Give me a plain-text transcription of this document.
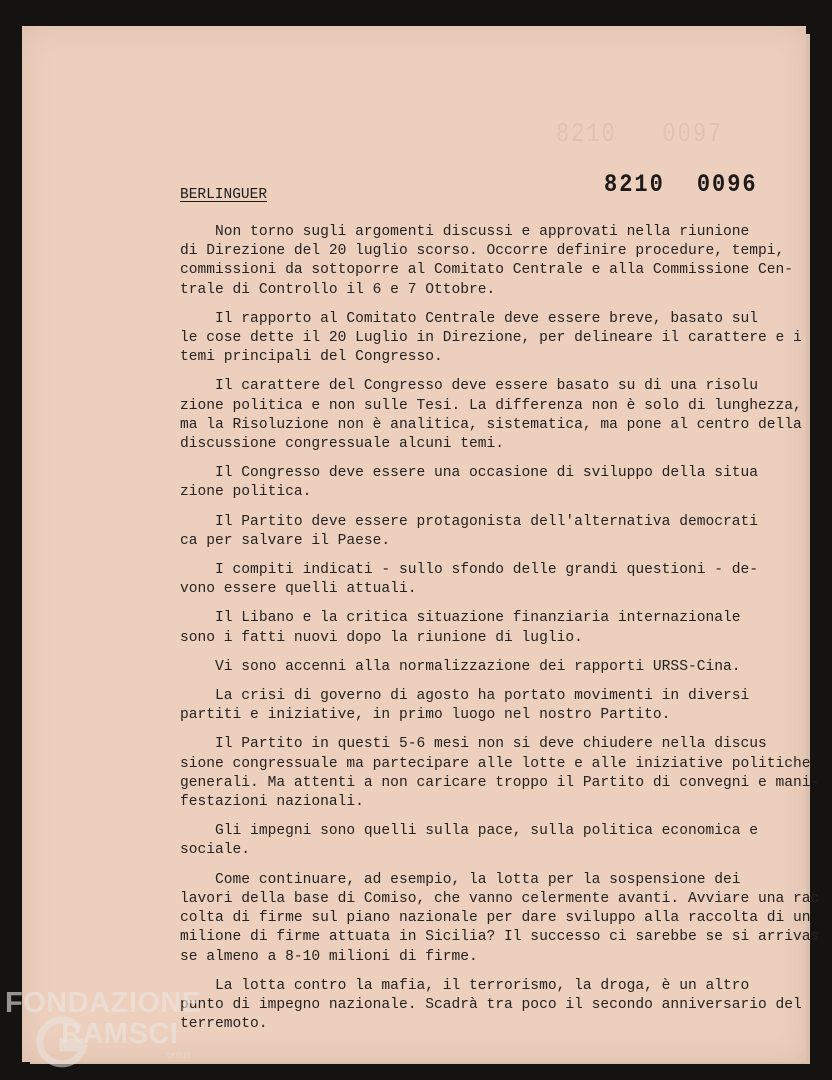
8210 0097
8210 0096
BERLINGUER

Non torno sugli argomenti discussi e approvati nella riunione
di Direzione del 20 luglio scorso. Occorre definire procedure, tempi,
commissioni da sottoporre al Comitato Centrale e alla Commissione Cen-
trale di Controllo il 6 e 7 Ottobre.

Il rapporto al Comitato Centrale deve essere breve, basato sul
le cose dette il 20 Luglio in Direzione, per delineare il carattere e i
temi principali del Congresso.

Il carattere del Congresso deve essere basato su di una risolu
zione politica e non sulle Tesi. La differenza non è solo di lunghezza,
ma la Risoluzione non è analitica, sistematica, ma pone al centro della
discussione congressuale alcuni temi.

Il Congresso deve essere una occasione di sviluppo della situa
zione politica.

Il Partito deve essere protagonista dell'alternativa democrati
ca per salvare il Paese.

I compiti indicati - sullo sfondo delle grandi questioni - de-
vono essere quelli attuali.

Il Libano e la critica situazione finanziaria internazionale
sono i fatti nuovi dopo la riunione di luglio.

Vi sono accenni alla normalizzazione dei rapporti URSS-Cina.

La crisi di governo di agosto ha portato movimenti in diversi
partiti e iniziative, in primo luogo nel nostro Partito.

Il Partito in questi 5-6 mesi non si deve chiudere nella discus
sione congressuale ma partecipare alle lotte e alle iniziative politiche
generali. Ma attenti a non caricare troppo il Partito di convegni e mani-
festazioni nazionali.

Gli impegni sono quelli sulla pace, sulla politica economica e
sociale.

Come continuare, ad esempio, la lotta per la sospensione dei
lavori della base di Comiso, che vanno celermente avanti. Avviare una
colta di firme sul piano nazionale per dare sviluppo alla raccolta di un
milione di firme attuata in Sicilia? Il successo ci sarebbe se si arrivas
se almeno a 8-10 milioni di firme.

La lotta contro la mafia, il terrorismo, la droga, è un altro
punto di impegno nazionale. Scadrà tra poco il secondo anniversario del
terremoto.

FONDAZIONE
RAMSCI
onlus
